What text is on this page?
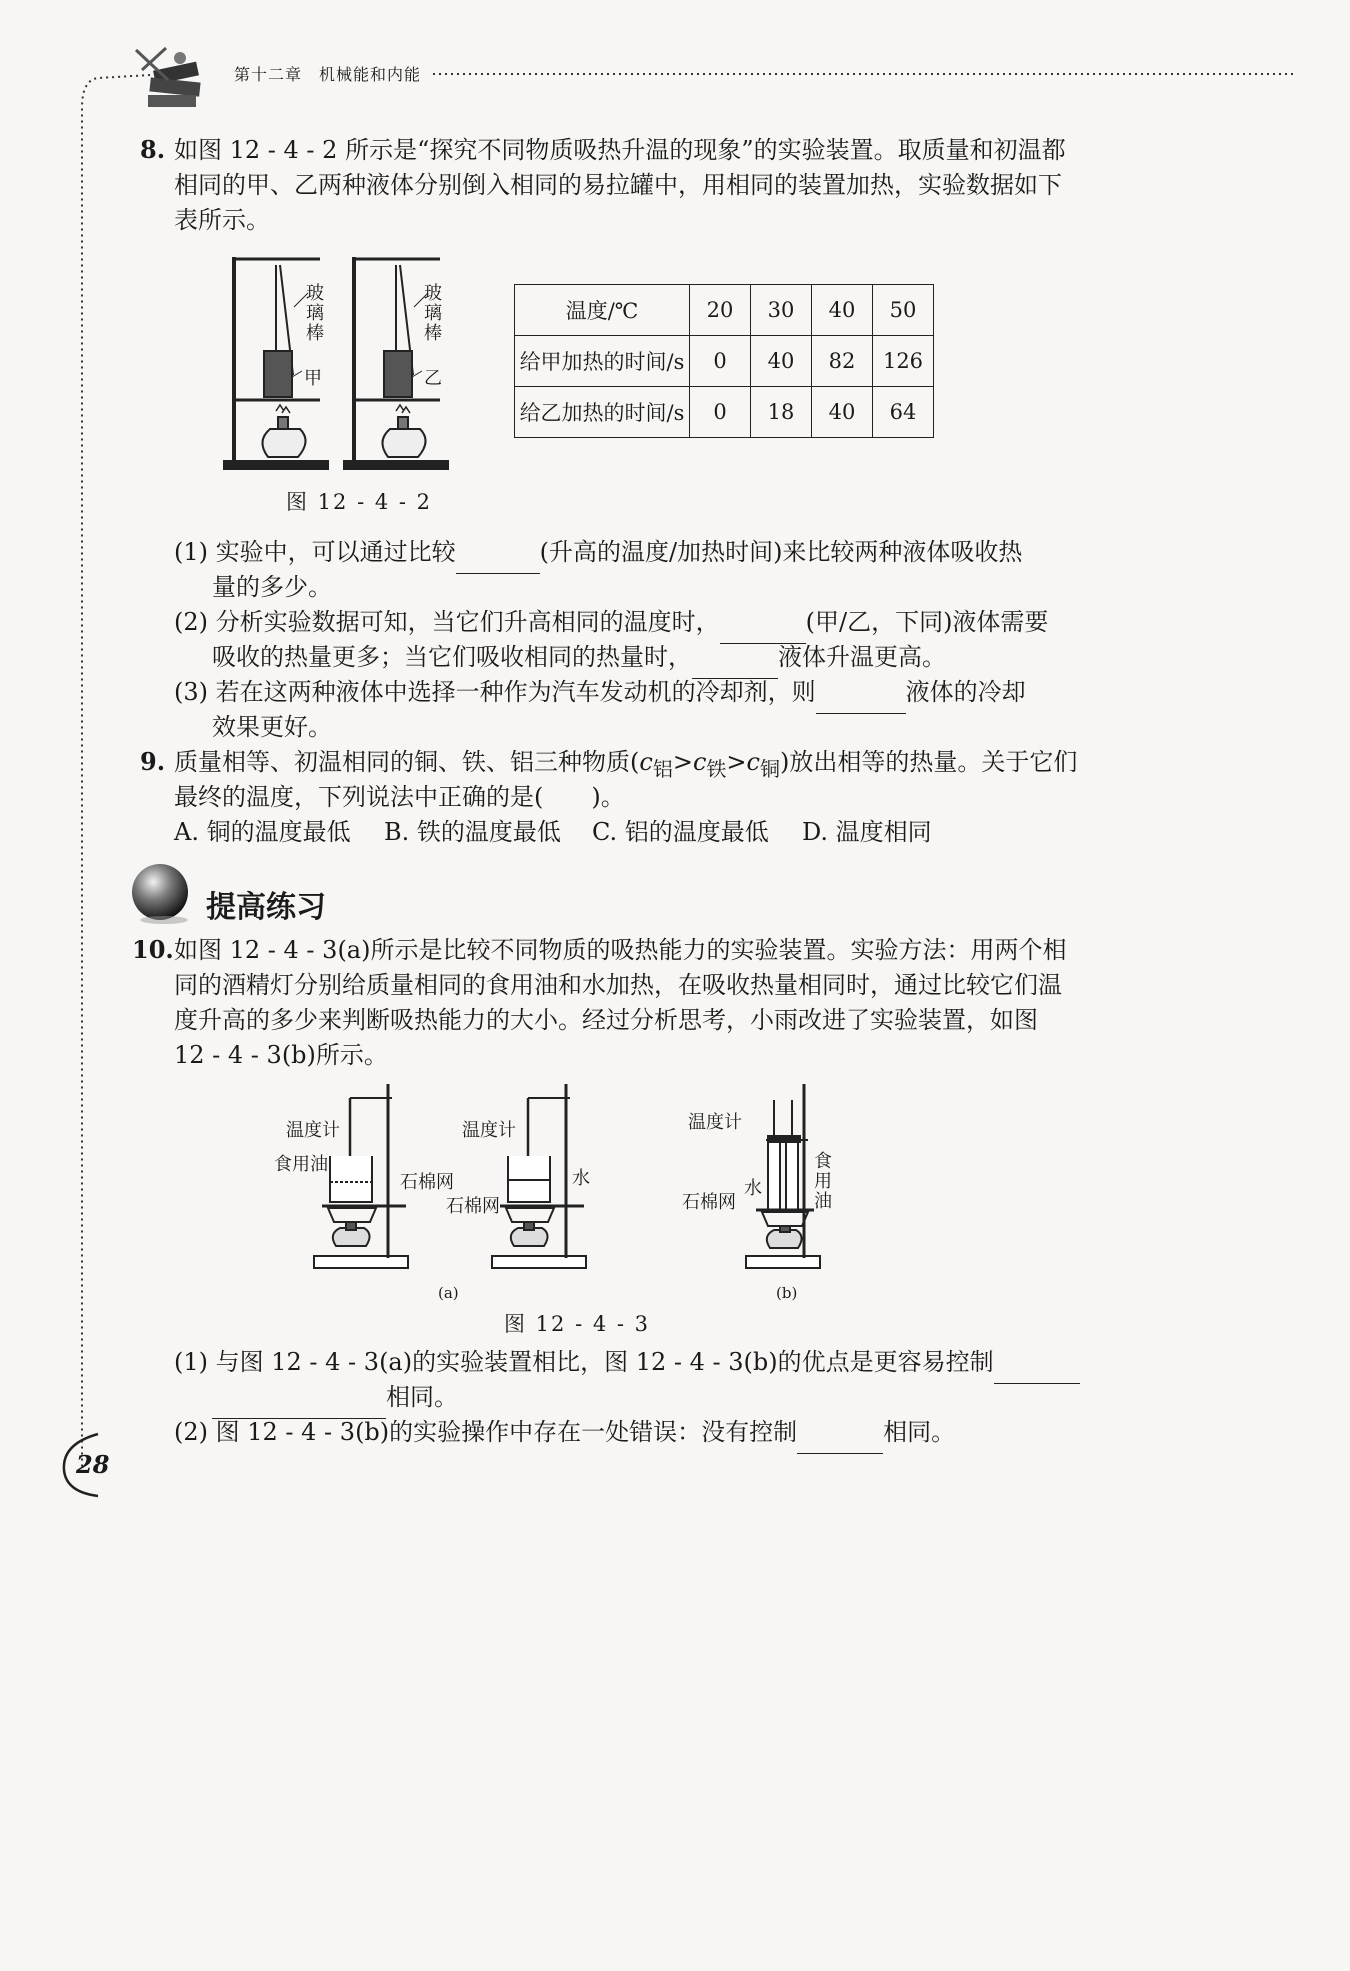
第十二章　机械能和内能
8. 如图 12 - 4 - 2 所示是“探究不同物质吸热升温的现象”的实验装置。取质量和初温都
相同的甲、乙两种液体分别倒入相同的易拉罐中，用相同的装置加热，实验数据如下
表所示。
玻璃棒
玻璃棒
甲	乙
图 12 - 4 - 2
温度/℃	20	30	40	50
给甲加热的时间/s	0	40	82	126
给乙加热的时间/s	0	18	40	64
(1) 实验中，可以通过比较	(升高的温度/加热时间)来比较两种液体吸收热
量的多少。
(2) 分析实验数据可知，当它们升高相同的温度时，	(甲/乙，下同)液体需要
吸收的热量更多；当它们吸收相同的热量时，	液体升温更高。
(3) 若在这两种液体中选择一种作为汽车发动机的冷却剂，则	液体的冷却
效果更好。
9. 质量相等、初温相同的铜、铁、铝三种物质$(c_铝>c_铁>c_铜)$放出相等的热量。关于它们
最终的温度，下列说法中正确的是(　　)。
A. 铜的温度最低 B. 铁的温度最低 C. 铝的温度最低 D. 温度相同
提高练习
10. 如图 12 - 4 - 3(a)所示是比较不同物质的吸热能力的实验装置。实验方法：用两个相
同的酒精灯分别给质量相同的食用油和水加热，在吸收热量相同时，通过比较它们温
度升高的多少来判断吸热能力的大小。经过分析思考，小雨改进了实验装置，如图
12 - 4 - 3(b)所示。
温度计
食用油
石棉网
温度计
水
石棉网
温度计
水
石棉网
食用油
(a)	(b)
图 12 - 4 - 3
(1) 与图 12 - 4 - 3(a)的实验装置相比，图 12 - 4 - 3(b)的优点是更容易控制
相同。
(2) 图 12 - 4 - 3(b)的实验操作中存在一处错误：没有控制	相同。
28
